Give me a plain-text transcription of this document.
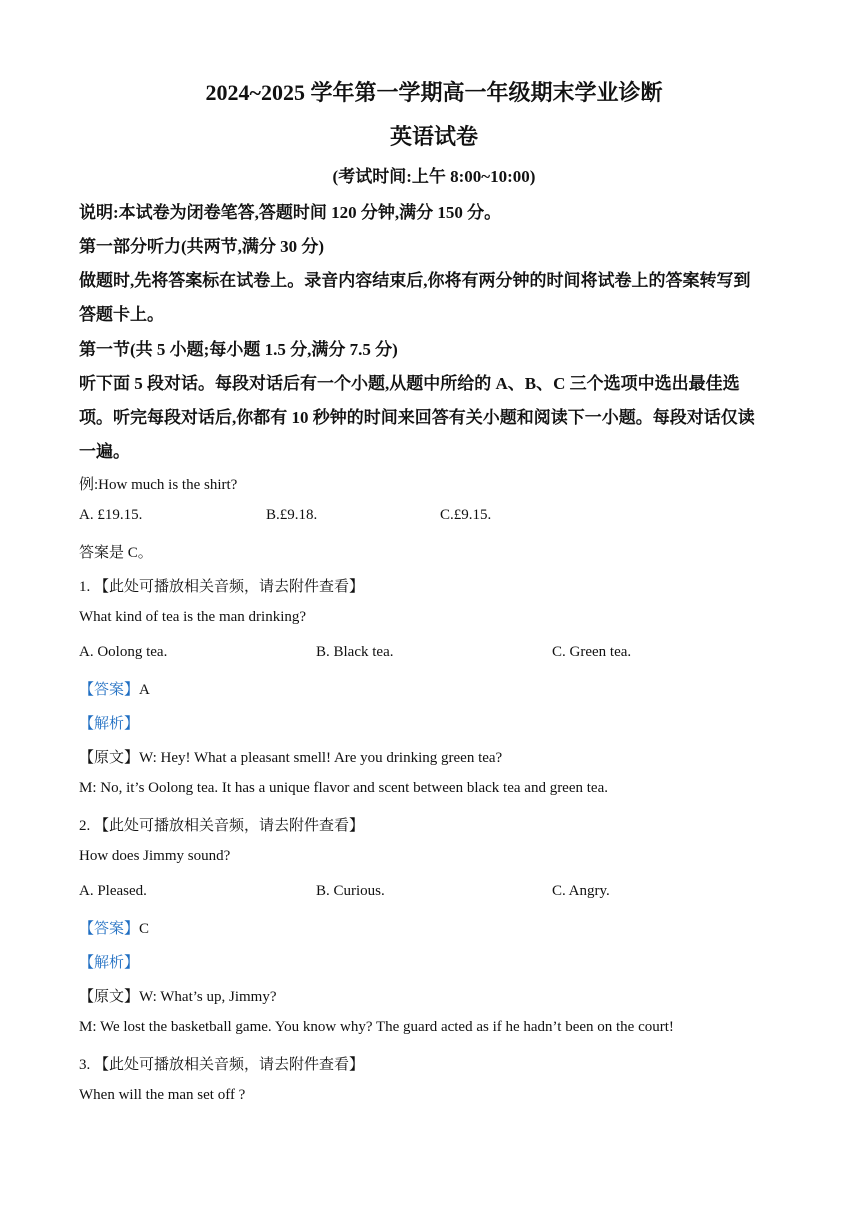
2024~2025 学年第一学期高一年级期末学业诊断
英语试卷
(考试时间:上午 8:00~10:00)
说明:本试卷为闭卷笔答,答题时间 120 分钟,满分 150 分。
第一部分听力(共两节,满分 30 分)
做题时,先将答案标在试卷上。录音内容结束后,你将有两分钟的时间将试卷上的答案转写到
答题卡上。
第一节(共 5 小题;每小题 1.5 分,满分 7.5 分)
听下面 5 段对话。每段对话后有一个小题,从题中所给的 A、B、C 三个选项中选出最佳选
项。听完每段对话后,你都有 10 秒钟的时间来回答有关小题和阅读下一小题。每段对话仅读
一遍。
例:How much is the shirt?
A. £19.15.	B.£9.18.	C.£9.15.
答案是 C。
1. 【此处可播放相关音频，请去附件查看】
What kind of tea is the man drinking?
A. Oolong tea.	B. Black tea.	C. Green tea.
【答案】A
【解析】
【原文】W: Hey! What a pleasant smell! Are you drinking green tea?
M: No, it’s Oolong tea. It has a unique flavor and scent between black tea and green tea.
2. 【此处可播放相关音频，请去附件查看】
How does Jimmy sound?
A. Pleased.	B. Curious.	C. Angry.
【答案】C
【解析】
【原文】W: What’s up, Jimmy?
M: We lost the basketball game. You know why? The guard acted as if he hadn’t been on the court!
3. 【此处可播放相关音频，请去附件查看】
When will the man set off ?
